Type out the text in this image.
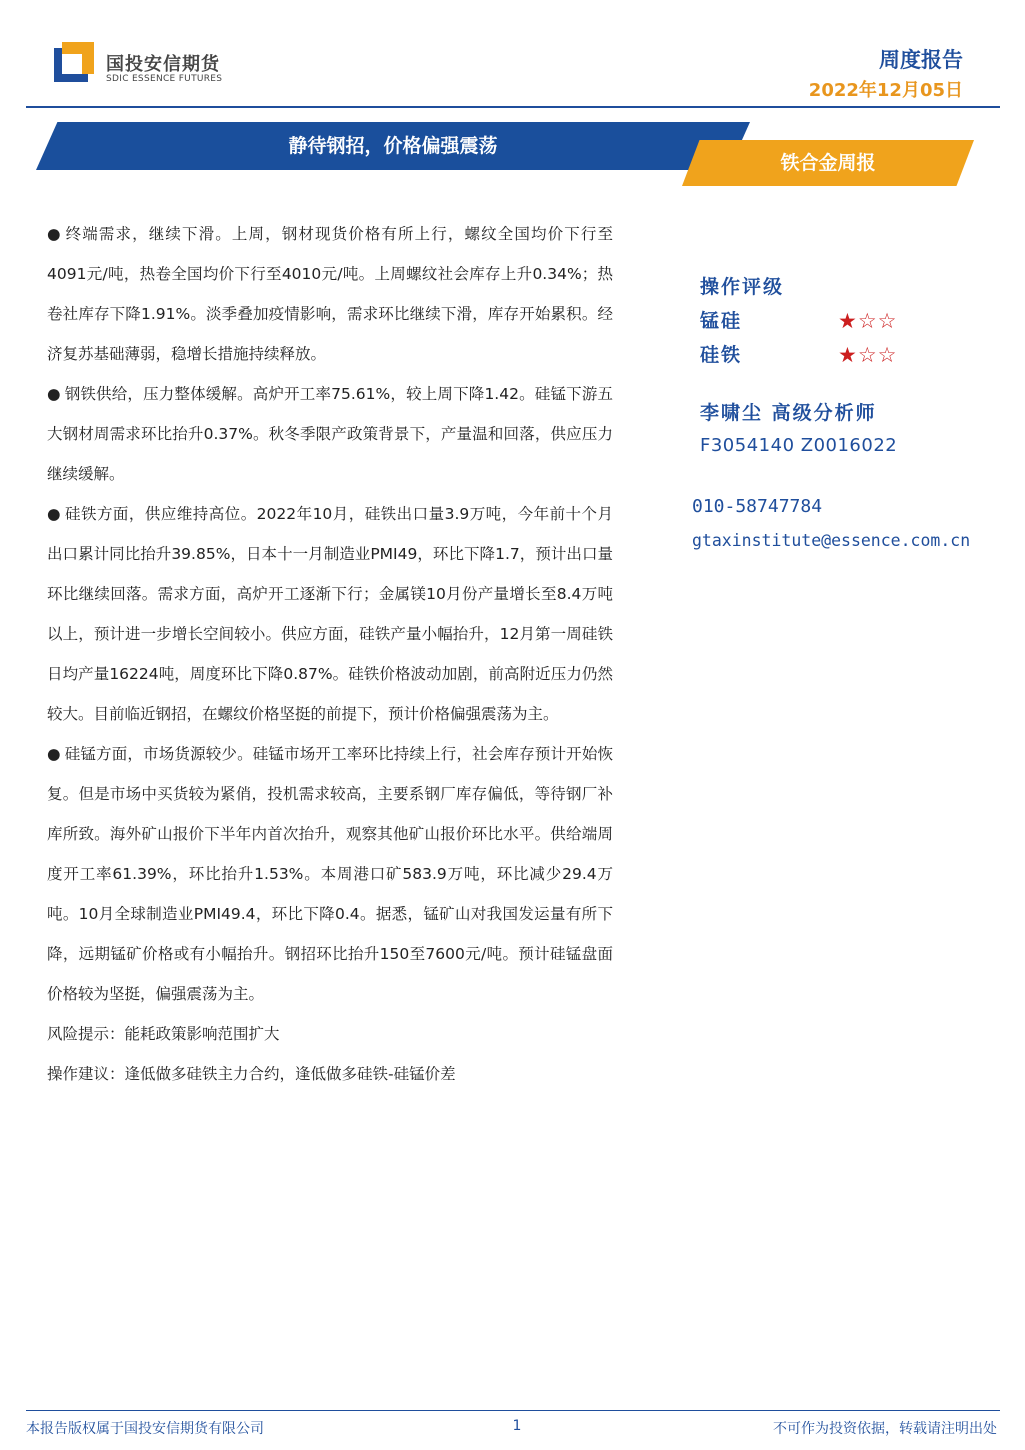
国投安信期货
SDIC ESSENCE FUTURES
周度报告
2022年12月05日
静待钢招，价格偏强震荡
铁合金周报

● 终端需求，继续下滑。上周，钢材现货价格有所上行，螺纹全国均价下行至4091元/吨，热卷全国均价下行至4010元/吨。上周螺纹社会库存上升0.34%；热卷社库存下降1.91%。淡季叠加疫情影响，需求环比继续下滑，库存开始累积。经济复苏基础薄弱，稳增长措施持续释放。

● 钢铁供给，压力整体缓解。高炉开工率75.61%，较上周下降1.42。硅锰下游五大钢材周需求环比抬升0.37%。秋冬季限产政策背景下，产量温和回落，供应压力继续缓解。

● 硅铁方面，供应维持高位。2022年10月，硅铁出口量3.9万吨，今年前十个月出口累计同比抬升39.85%，日本十一月制造业PMI49，环比下降1.7，预计出口量环比继续回落。需求方面，高炉开工逐渐下行；金属镁10月份产量增长至8.4万吨以上，预计进一步增长空间较小。供应方面，硅铁产量小幅抬升，12月第一周硅铁日均产量16224吨，周度环比下降0.87%。硅铁价格波动加剧，前高附近压力仍然较大。目前临近钢招，在螺纹价格坚挺的前提下，预计价格偏强震荡为主。

● 硅锰方面，市场货源较少。硅锰市场开工率环比持续上行，社会库存预计开始恢复。但是市场中买货较为紧俏，投机需求较高，主要系钢厂库存偏低，等待钢厂补库所致。海外矿山报价下半年内首次抬升，观察其他矿山报价环比水平。供给端周度开工率61.39%，环比抬升1.53%。本周港口矿583.9万吨，环比减少29.4万吨。10月全球制造业PMI49.4，环比下降0.4。据悉，锰矿山对我国发运量有所下降，远期锰矿价格或有小幅抬升。钢招环比抬升150至7600元/吨。预计硅锰盘面价格较为坚挺，偏强震荡为主。

风险提示：能耗政策影响范围扩大

操作建议：逢低做多硅铁主力合约，逢低做多硅铁-硅锰价差

操作评级
锰硅	★☆☆
硅铁	★☆☆
李啸尘 高级分析师
F3054140 Z0016022
010-58747784
gtaxinstitute@essence.com.cn
本报告版权属于国投安信期货有限公司	1	不可作为投资依据，转载请注明出处
